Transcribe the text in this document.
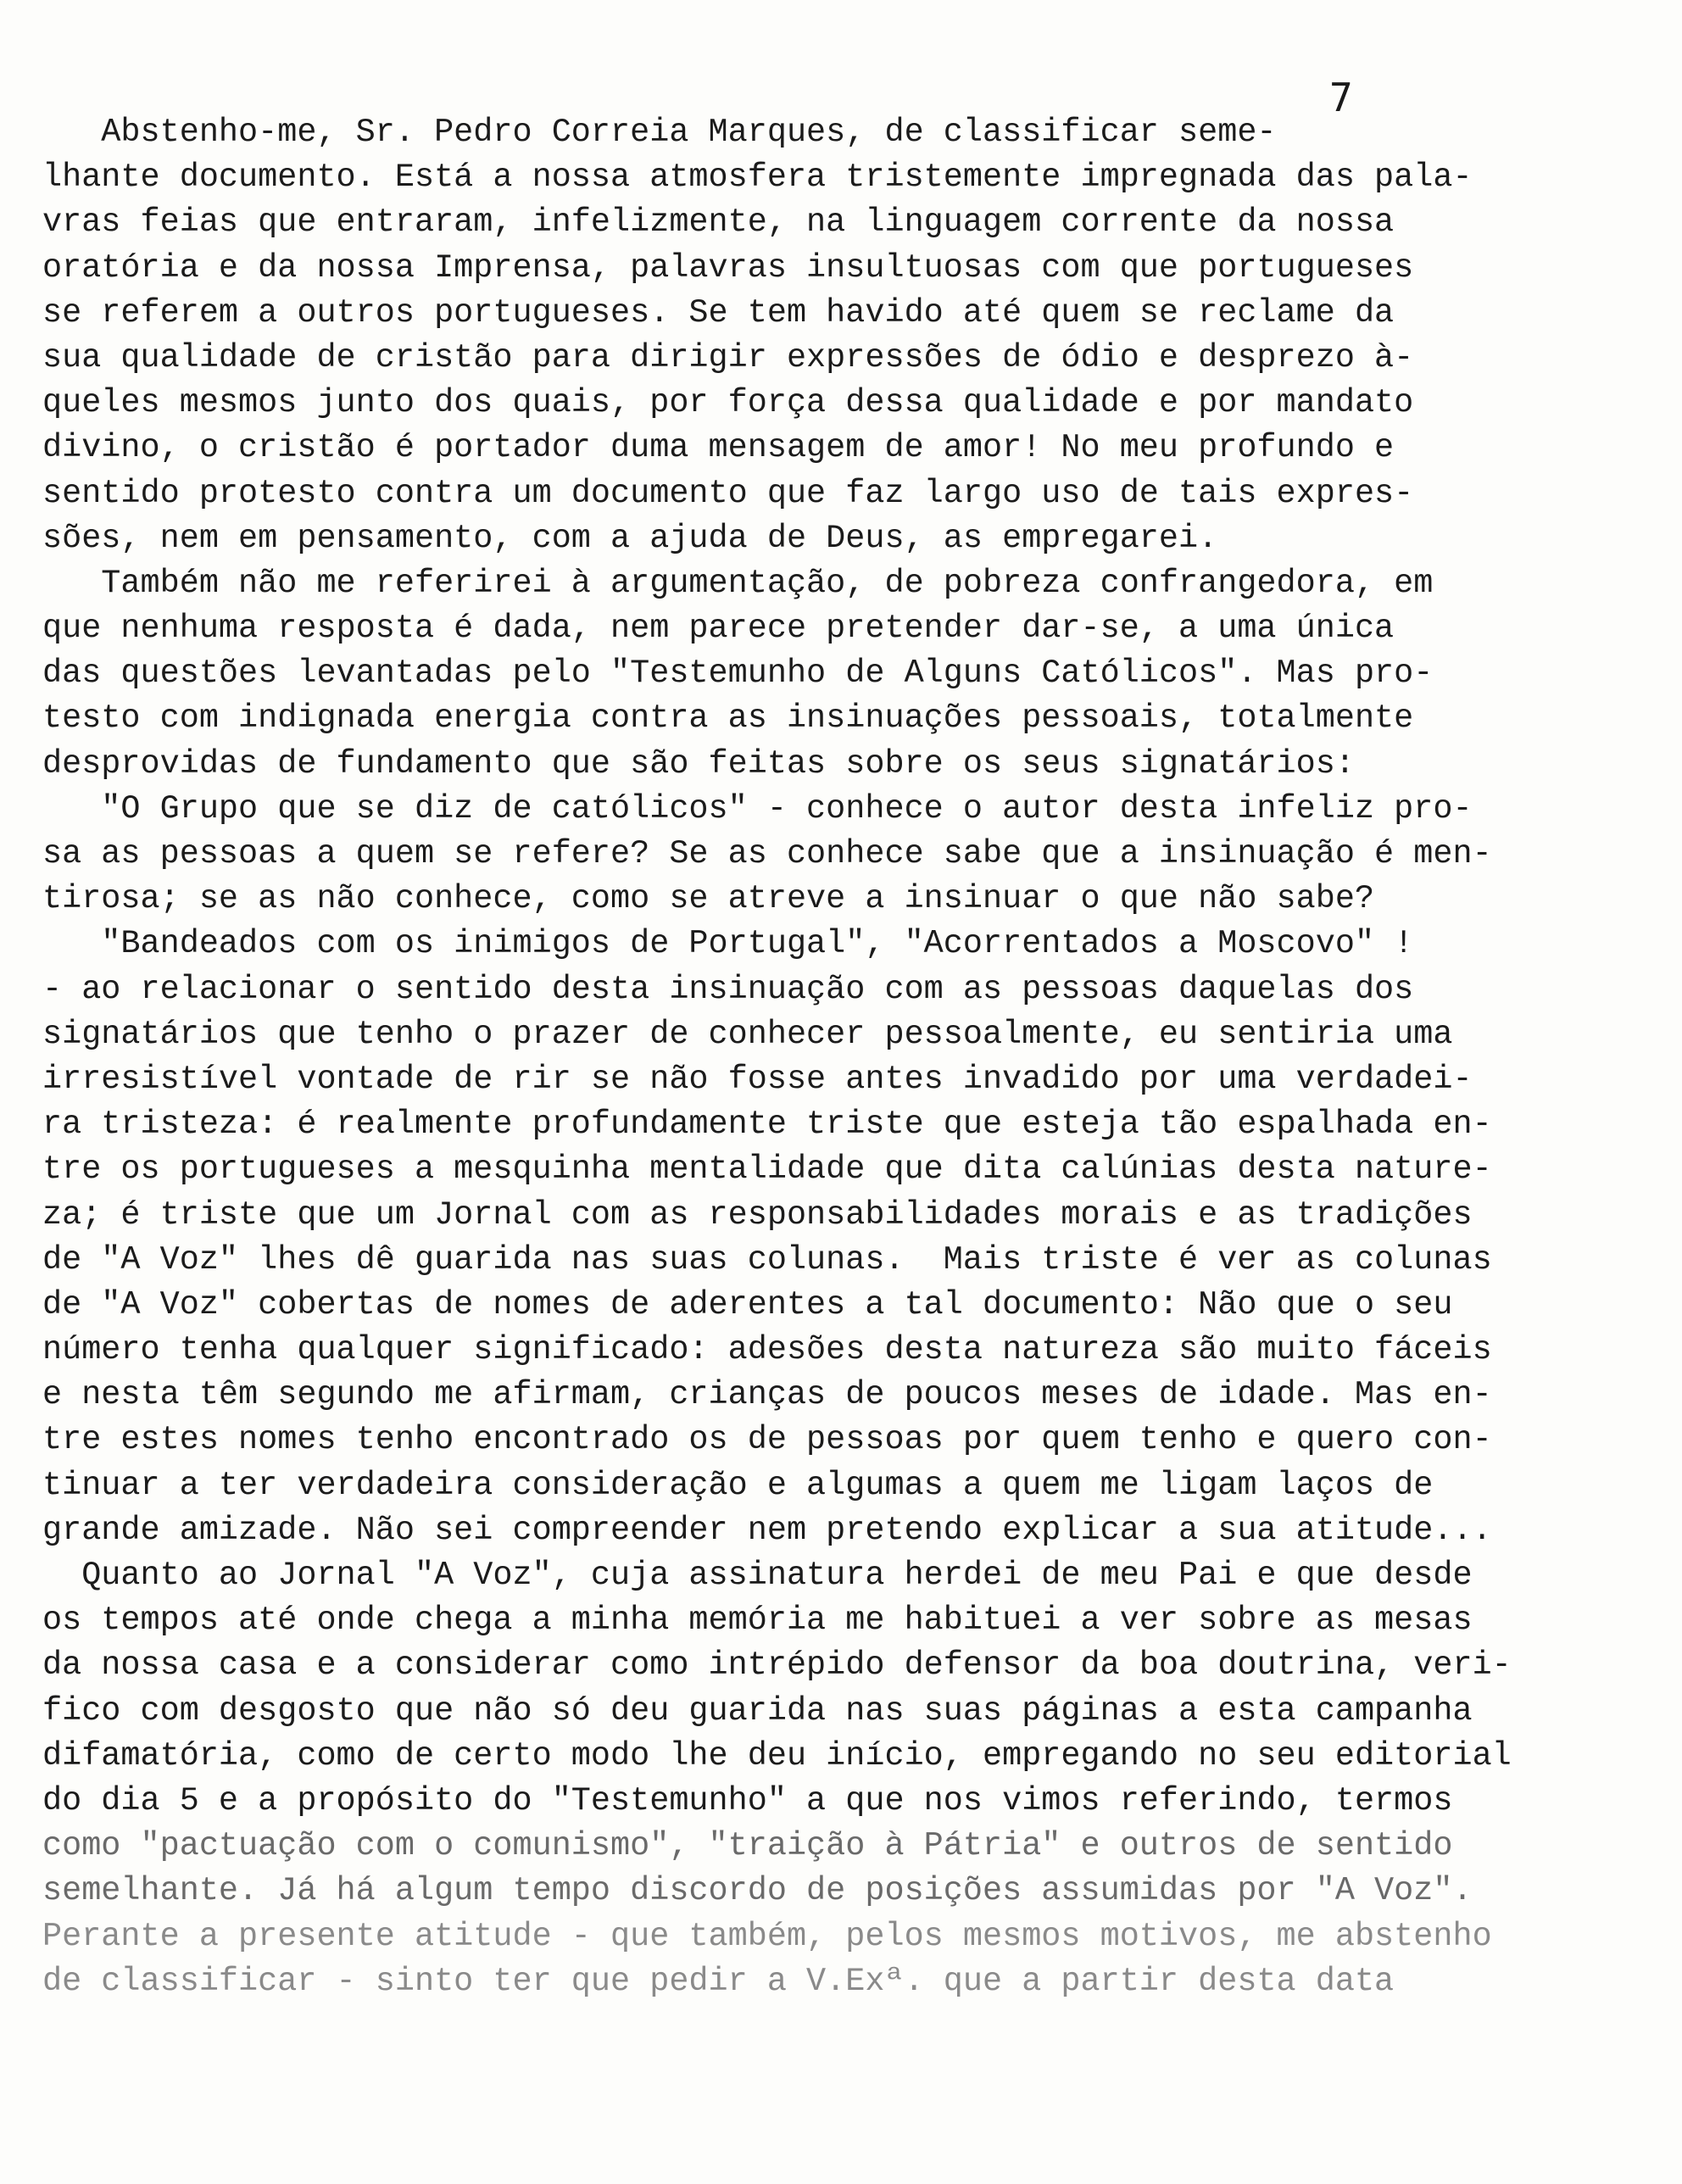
7
Abstenho-me, Sr. Pedro Correia Marques, de classificar seme-
lhante documento. Está a nossa atmosfera tristemente impregnada das pala-
vras feias que entraram, infelizmente, na linguagem corrente da nossa
oratória e da nossa Imprensa, palavras insultuosas com que portugueses
se referem a outros portugueses. Se tem havido até quem se reclame da
sua qualidade de cristão para dirigir expressões de ódio e desprezo à-
queles mesmos junto dos quais, por força dessa qualidade e por mandato
divino, o cristão é portador duma mensagem de amor! No meu profundo e
sentido protesto contra um documento que faz largo uso de tais expres-
sões, nem em pensamento, com a ajuda de Deus, as empregarei.
Também não me referirei à argumentação, de pobreza confrangedora, em
que nenhuma resposta é dada, nem parece pretender dar-se, a uma única
das questões levantadas pelo "Testemunho de Alguns Católicos". Mas pro-
testo com indignada energia contra as insinuações pessoais, totalmente
desprovidas de fundamento que são feitas sobre os seus signatários:
"O Grupo que se diz de católicos" - conhece o autor desta infeliz pro-
sa as pessoas a quem se refere? Se as conhece sabe que a insinuação é men-
tirosa; se as não conhece, como se atreve a insinuar o que não sabe?
"Bandeados com os inimigos de Portugal", "Acorrentados a Moscovo" !
- ao relacionar o sentido desta insinuação com as pessoas daquelas dos
signatários que tenho o prazer de conhecer pessoalmente, eu sentiria uma
irresistível vontade de rir se não fosse antes invadido por uma verdadei-
ra tristeza: é realmente profundamente triste que esteja tão espalhada en-
tre os portugueses a mesquinha mentalidade que dita calúnias desta nature-
za; é triste que um Jornal com as responsabilidades morais e as tradições
de "A Voz" lhes dê guarida nas suas colunas.  Mais triste é ver as colunas
de "A Voz" cobertas de nomes de aderentes a tal documento: Não que o seu
número tenha qualquer significado: adesões desta natureza são muito fáceis
e nesta têm segundo me afirmam, crianças de poucos meses de idade. Mas en-
tre estes nomes tenho encontrado os de pessoas por quem tenho e quero con-
tinuar a ter verdadeira consideração e algumas a quem me ligam laços de
grande amizade. Não sei compreender nem pretendo explicar a sua atitude...
Quanto ao Jornal "A Voz", cuja assinatura herdei de meu Pai e que desde
os tempos até onde chega a minha memória me habituei a ver sobre as mesas
da nossa casa e a considerar como intrépido defensor da boa doutrina, veri-
fico com desgosto que não só deu guarida nas suas páginas a esta campanha
difamatória, como de certo modo lhe deu início, empregando no seu editorial
do dia 5 e a propósito do "Testemunho" a que nos vimos referindo, termos
como "pactuação com o comunismo", "traição à Pátria" e outros de sentido
semelhante. Já há algum tempo discordo de posições assumidas por "A Voz".
Perante a presente atitude - que também, pelos mesmos motivos, me abstenho
de classificar - sinto ter que pedir a V.Exª. que a partir desta data
